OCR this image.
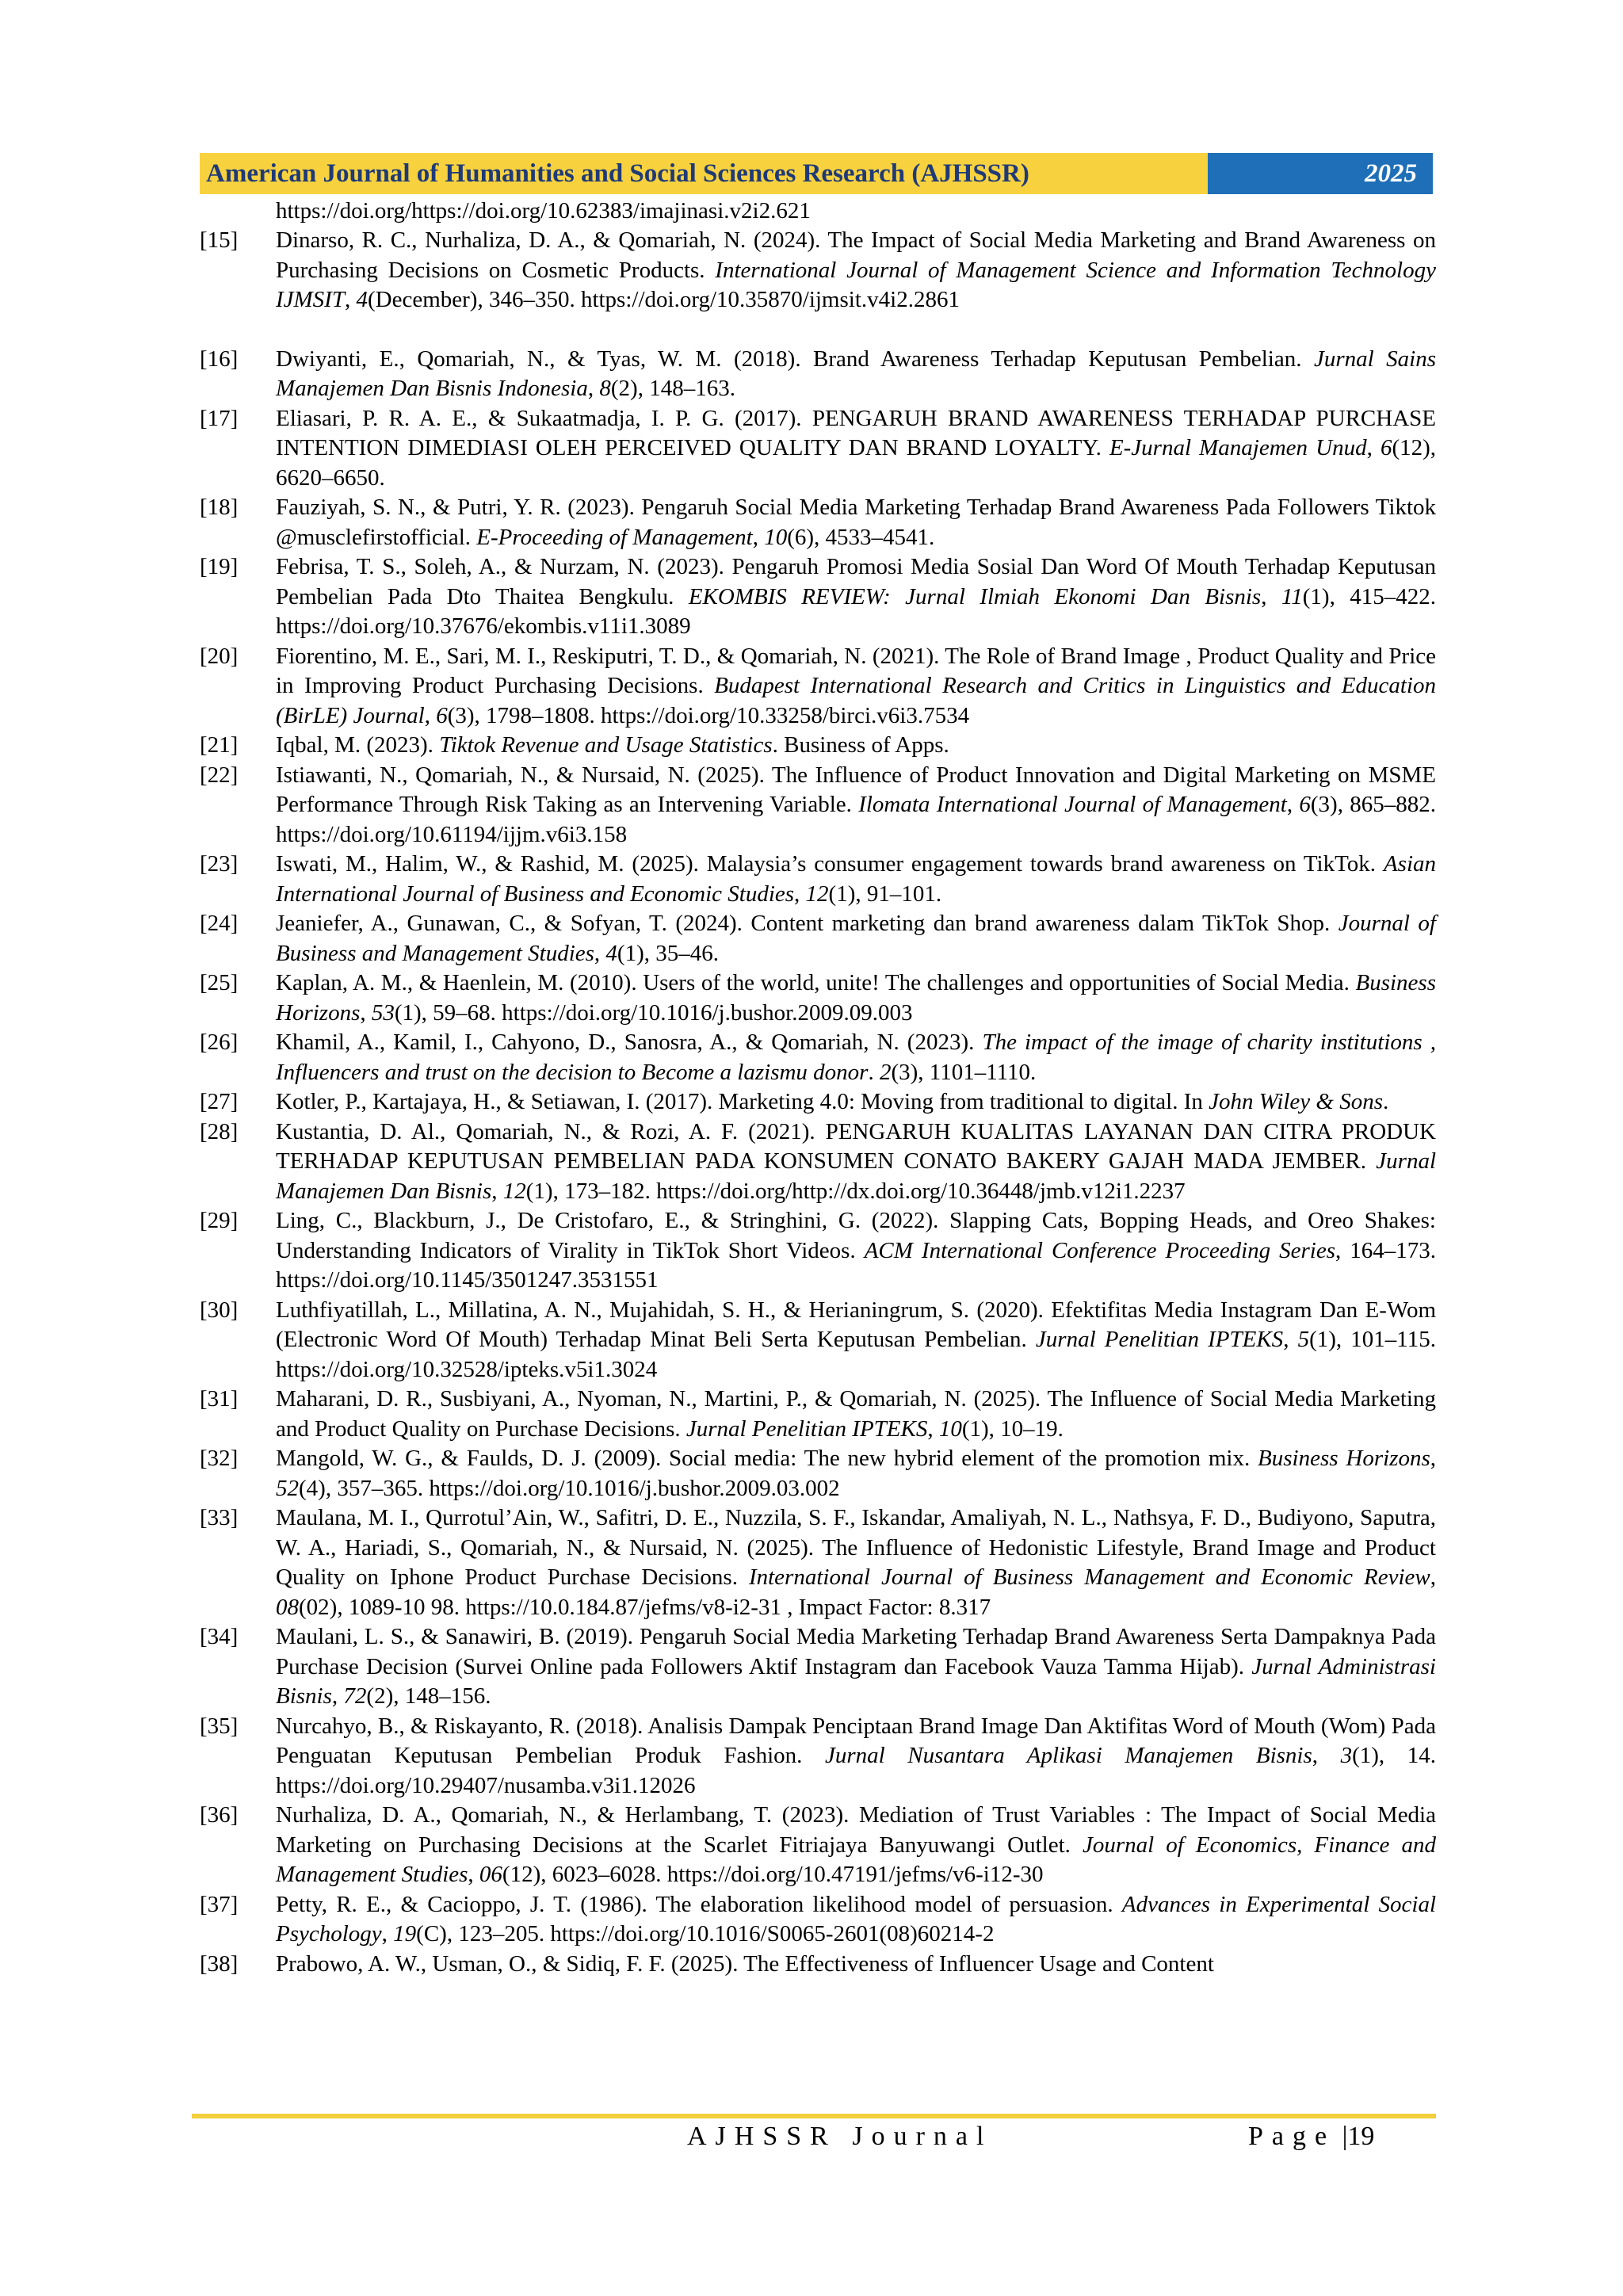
American Journal of Humanities and Social Sciences Research (AJHSSR)	2025
https://doi.org/https://doi.org/10.62383/imajinasi.v2i2.621
[15] Dinarso, R. C., Nurhaliza, D. A., & Qomariah, N. (2024). The Impact of Social Media Marketing and Brand Awareness on Purchasing Decisions on Cosmetic Products. International Journal of Management Science and Information Technology IJMSIT, 4(December), 346–350. https://doi.org/10.35870/ijmsit.v4i2.2861
[16] Dwiyanti, E., Qomariah, N., & Tyas, W. M. (2018). Brand Awareness Terhadap Keputusan Pembelian. Jurnal Sains Manajemen Dan Bisnis Indonesia, 8(2), 148–163.
[17] Eliasari, P. R. A. E., & Sukaatmadja, I. P. G. (2017). PENGARUH BRAND AWARENESS TERHADAP PURCHASE INTENTION DIMEDIASI OLEH PERCEIVED QUALITY DAN BRAND LOYALTY. E-Jurnal Manajemen Unud, 6(12), 6620–6650.
[18] Fauziyah, S. N., & Putri, Y. R. (2023). Pengaruh Social Media Marketing Terhadap Brand Awareness Pada Followers Tiktok @musclefirstofficial. E-Proceeding of Management, 10(6), 4533–4541.
[19] Febrisa, T. S., Soleh, A., & Nurzam, N. (2023). Pengaruh Promosi Media Sosial Dan Word Of Mouth Terhadap Keputusan Pembelian Pada Dto Thaitea Bengkulu. EKOMBIS REVIEW: Jurnal Ilmiah Ekonomi Dan Bisnis, 11(1), 415–422. https://doi.org/10.37676/ekombis.v11i1.3089
[20] Fiorentino, M. E., Sari, M. I., Reskiputri, T. D., & Qomariah, N. (2021). The Role of Brand Image , Product Quality and Price in Improving Product Purchasing Decisions. Budapest International Research and Critics in Linguistics and Education (BirLE) Journal, 6(3), 1798–1808. https://doi.org/10.33258/birci.v6i3.7534
[21] Iqbal, M. (2023). Tiktok Revenue and Usage Statistics. Business of Apps.
[22] Istiawanti, N., Qomariah, N., & Nursaid, N. (2025). The Influence of Product Innovation and Digital Marketing on MSME Performance Through Risk Taking as an Intervening Variable. Ilomata International Journal of Management, 6(3), 865–882. https://doi.org/10.61194/ijjm.v6i3.158
[23] Iswati, M., Halim, W., & Rashid, M. (2025). Malaysia’s consumer engagement towards brand awareness on TikTok. Asian International Journal of Business and Economic Studies, 12(1), 91–101.
[24] Jeaniefer, A., Gunawan, C., & Sofyan, T. (2024). Content marketing dan brand awareness dalam TikTok Shop. Journal of Business and Management Studies, 4(1), 35–46.
[25] Kaplan, A. M., & Haenlein, M. (2010). Users of the world, unite! The challenges and opportunities of Social Media. Business Horizons, 53(1), 59–68. https://doi.org/10.1016/j.bushor.2009.09.003
[26] Khamil, A., Kamil, I., Cahyono, D., Sanosra, A., & Qomariah, N. (2023). The impact of the image of charity institutions , Influencers and trust on the decision to Become a lazismu donor. 2(3), 1101–1110.
[27] Kotler, P., Kartajaya, H., & Setiawan, I. (2017). Marketing 4.0: Moving from traditional to digital. In John Wiley & Sons.
[28] Kustantia, D. Al., Qomariah, N., & Rozi, A. F. (2021). PENGARUH KUALITAS LAYANAN DAN CITRA PRODUK TERHADAP KEPUTUSAN PEMBELIAN PADA KONSUMEN CONATO BAKERY GAJAH MADA JEMBER. Jurnal Manajemen Dan Bisnis, 12(1), 173–182. https://doi.org/http://dx.doi.org/10.36448/jmb.v12i1.2237
[29] Ling, C., Blackburn, J., De Cristofaro, E., & Stringhini, G. (2022). Slapping Cats, Bopping Heads, and Oreo Shakes: Understanding Indicators of Virality in TikTok Short Videos. ACM International Conference Proceeding Series, 164–173. https://doi.org/10.1145/3501247.3531551
[30] Luthfiyatillah, L., Millatina, A. N., Mujahidah, S. H., & Herianingrum, S. (2020). Efektifitas Media Instagram Dan E-Wom (Electronic Word Of Mouth) Terhadap Minat Beli Serta Keputusan Pembelian. Jurnal Penelitian IPTEKS, 5(1), 101–115. https://doi.org/10.32528/ipteks.v5i1.3024
[31] Maharani, D. R., Susbiyani, A., Nyoman, N., Martini, P., & Qomariah, N. (2025). The Influence of Social Media Marketing and Product Quality on Purchase Decisions. Jurnal Penelitian IPTEKS, 10(1), 10–19.
[32] Mangold, W. G., & Faulds, D. J. (2009). Social media: The new hybrid element of the promotion mix. Business Horizons, 52(4), 357–365. https://doi.org/10.1016/j.bushor.2009.03.002
[33] Maulana, M. I., Qurrotul’Ain, W., Safitri, D. E., Nuzzila, S. F., Iskandar, Amaliyah, N. L., Nathsya, F. D., Budiyono, Saputra, W. A., Hariadi, S., Qomariah, N., & Nursaid, N. (2025). The Influence of Hedonistic Lifestyle, Brand Image and Product Quality on Iphone Product Purchase Decisions. International Journal of Business Management and Economic Review, 08(02), 1089-10 98. https://10.0.184.87/jefms/v8-i2-31 , Impact Factor: 8.317
[34] Maulani, L. S., & Sanawiri, B. (2019). Pengaruh Social Media Marketing Terhadap Brand Awareness Serta Dampaknya Pada Purchase Decision (Survei Online pada Followers Aktif Instagram dan Facebook Vauza Tamma Hijab). Jurnal Administrasi Bisnis, 72(2), 148–156.
[35] Nurcahyo, B., & Riskayanto, R. (2018). Analisis Dampak Penciptaan Brand Image Dan Aktifitas Word of Mouth (Wom) Pada Penguatan Keputusan Pembelian Produk Fashion. Jurnal Nusantara Aplikasi Manajemen Bisnis, 3(1), 14. https://doi.org/10.29407/nusamba.v3i1.12026
[36] Nurhaliza, D. A., Qomariah, N., & Herlambang, T. (2023). Mediation of Trust Variables : The Impact of Social Media Marketing on Purchasing Decisions at the Scarlet Fitriajaya Banyuwangi Outlet. Journal of Economics, Finance and Management Studies, 06(12), 6023–6028. https://doi.org/10.47191/jefms/v6-i12-30
[37] Petty, R. E., & Cacioppo, J. T. (1986). The elaboration likelihood model of persuasion. Advances in Experimental Social Psychology, 19(C), 123–205. https://doi.org/10.1016/S0065-2601(08)60214-2
[38] Prabowo, A. W., Usman, O., & Sidiq, F. F. (2025). The Effectiveness of Influencer Usage and Content
AJHSSR Journal	Page |19
